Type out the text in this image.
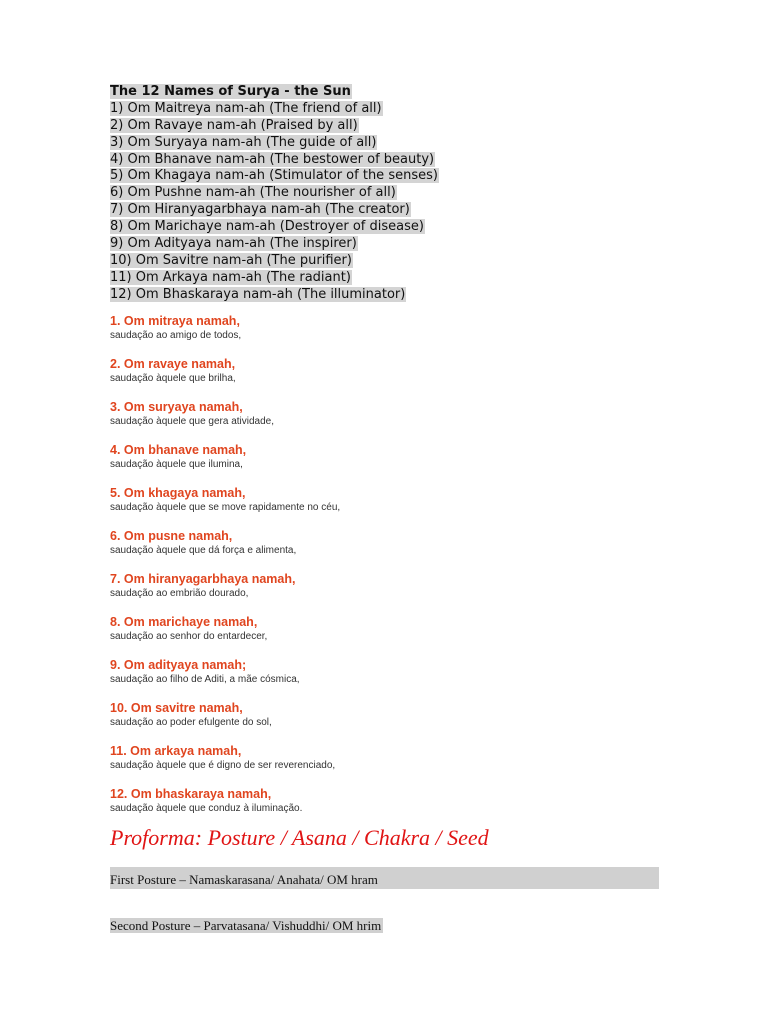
The 12 Names of Surya - the Sun
1) Om Maitreya nam-ah (The friend of all)
2) Om Ravaye nam-ah (Praised by all)
3) Om Suryaya nam-ah (The guide of all)
4) Om Bhanave nam-ah (The bestower of beauty)
5) Om Khagaya nam-ah (Stimulator of the senses)
6) Om Pushne nam-ah (The nourisher of all)
7) Om Hiranyagarbhaya nam-ah (The creator)
8) Om Marichaye nam-ah (Destroyer of disease)
9) Om Adityaya nam-ah (The inspirer)
10) Om Savitre nam-ah (The purifier)
11) Om Arkaya nam-ah (The radiant)
12) Om Bhaskaraya nam-ah (The illuminator)
1. Om mitraya namah,
saudação ao amigo de todos,
2. Om ravaye namah,
saudação àquele que brilha,
3. Om suryaya namah,
saudação àquele que gera atividade,
4. Om bhanave namah,
saudação àquele que ilumina,
5. Om khagaya namah,
saudação àquele que se move rapidamente no céu,
6. Om pusne namah,
saudação àquele que dá força e alimenta,
7. Om hiranyagarbhaya namah,
saudação ao embrião dourado,
8. Om marichaye namah,
saudação ao senhor do entardecer,
9. Om adityaya namah;
saudação ao filho de Aditi, a mãe cósmica,
10. Om savitre namah,
saudação ao poder efulgente do sol,
11. Om arkaya namah,
saudação àquele que é digno de ser reverenciado,
12. Om bhaskaraya namah,
saudação àquele que conduz à iluminação.
Proforma: Posture / Asana / Chakra / Seed
First Posture – Namaskarasana/ Anahata/ OM hram
Second Posture – Parvatasana/ Vishuddhi/ OM hrim
